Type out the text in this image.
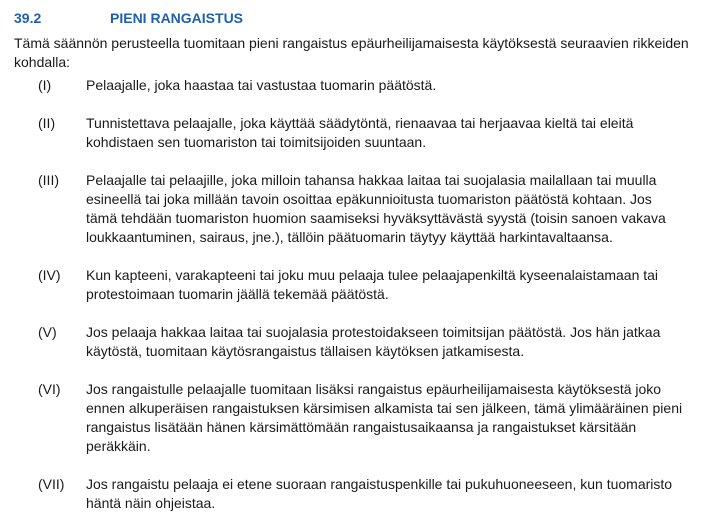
39.2	PIENI RANGAISTUS

Tämä säännön perusteella tuomitaan pieni rangaistus epäurheilijamaisesta käytöksestä seuraavien rikkeiden kohdalla:

(I)	Pelaajalle, joka haastaa tai vastustaa tuomarin päätöstä.
(II)	Tunnistettava pelaajalle, joka käyttää säädytöntä, rienaavaa tai herjaavaa kieltä tai eleitä kohdistaen sen tuomariston tai toimitsijoiden suuntaan.
(III)	Pelaajalle tai pelaajille, joka milloin tahansa hakkaa laitaa tai suojalasia mailallaan tai muulla esineellä tai joka millään tavoin osoittaa epäkunnioitusta tuomariston päätöstä kohtaan. Jos tämä tehdään tuomariston huomion saamiseksi hyväksyttävästä syystä (toisin sanoen vakava loukkaantuminen, sairaus, jne.), tällöin päätuomarin täytyy käyttää harkintavaltaansa.
(IV)	Kun kapteeni, varakapteeni tai joku muu pelaaja tulee pelaajapenkiltä kyseenalaistamaan tai protestoimaan tuomarin jäällä tekemää päätöstä.
(V)	Jos pelaaja hakkaa laitaa tai suojalasia protestoidakseen toimitsijan päätöstä. Jos hän jatkaa käytöstä, tuomitaan käytösrangaistus tällaisen käytöksen jatkamisesta.
(VI)	Jos rangaistulle pelaajalle tuomitaan lisäksi rangaistus epäurheilijamaisesta käytöksestä joko ennen alkuperäisen rangaistuksen kärsimisen alkamista tai sen jälkeen, tämä ylimääräinen pieni rangaistus lisätään hänen kärsimättömään rangaistusaikaansa ja rangaistukset kärsitään peräkkäin.
(VII)	Jos rangaistu pelaaja ei etene suoraan rangaistuspenkille tai pukuhuoneeseen, kun tuomaristo häntä näin ohjeistaa.
